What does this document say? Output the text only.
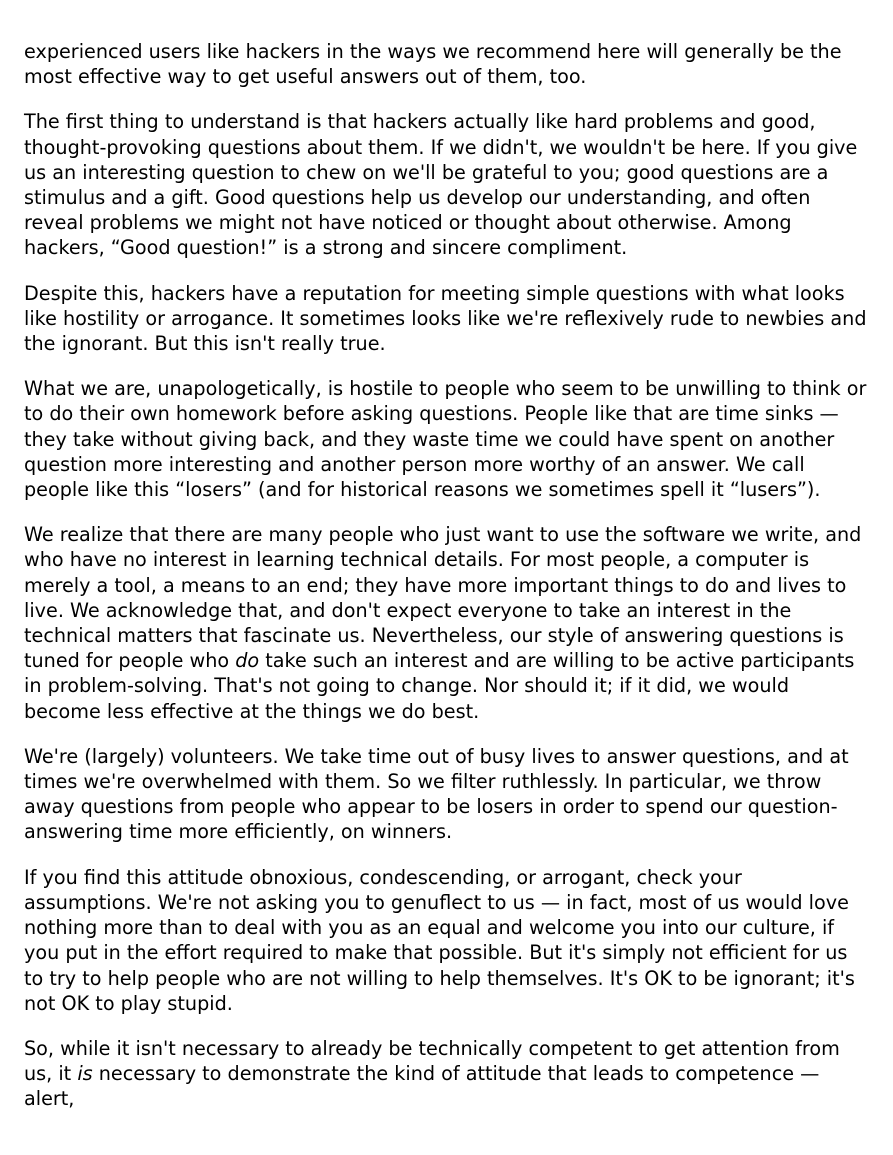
experienced users like hackers in the ways we recommend here will generally be the most effective way to get useful answers out of them, too.
The first thing to understand is that hackers actually like hard problems and good, thought-provoking questions about them. If we didn't, we wouldn't be here. If you give us an interesting question to chew on we'll be grateful to you; good questions are a stimulus and a gift. Good questions help us develop our understanding, and often reveal problems we might not have noticed or thought about otherwise. Among hackers, “Good question!” is a strong and sincere compliment.
Despite this, hackers have a reputation for meeting simple questions with what looks like hostility or arrogance. It sometimes looks like we're reflexively rude to newbies and the ignorant. But this isn't really true.
What we are, unapologetically, is hostile to people who seem to be unwilling to think or to do their own homework before asking questions. People like that are time sinks — they take without giving back, and they waste time we could have spent on another question more interesting and another person more worthy of an answer. We call people like this “losers” (and for historical reasons we sometimes spell it “lusers”).
We realize that there are many people who just want to use the software we write, and who have no interest in learning technical details. For most people, a computer is merely a tool, a means to an end; they have more important things to do and lives to live. We acknowledge that, and don't expect everyone to take an interest in the technical matters that fascinate us. Nevertheless, our style of answering questions is tuned for people who do take such an interest and are willing to be active participants in problem-solving. That's not going to change. Nor should it; if it did, we would become less effective at the things we do best.
We're (largely) volunteers. We take time out of busy lives to answer questions, and at times we're overwhelmed with them. So we filter ruthlessly. In particular, we throw away questions from people who appear to be losers in order to spend our question-answering time more efficiently, on winners.
If you find this attitude obnoxious, condescending, or arrogant, check your assumptions. We're not asking you to genuflect to us — in fact, most of us would love nothing more than to deal with you as an equal and welcome you into our culture, if you put in the effort required to make that possible. But it's simply not efficient for us to try to help people who are not willing to help themselves. It's OK to be ignorant; it's not OK to play stupid.
So, while it isn't necessary to already be technically competent to get attention from us, it is necessary to demonstrate the kind of attitude that leads to competence — alert,
